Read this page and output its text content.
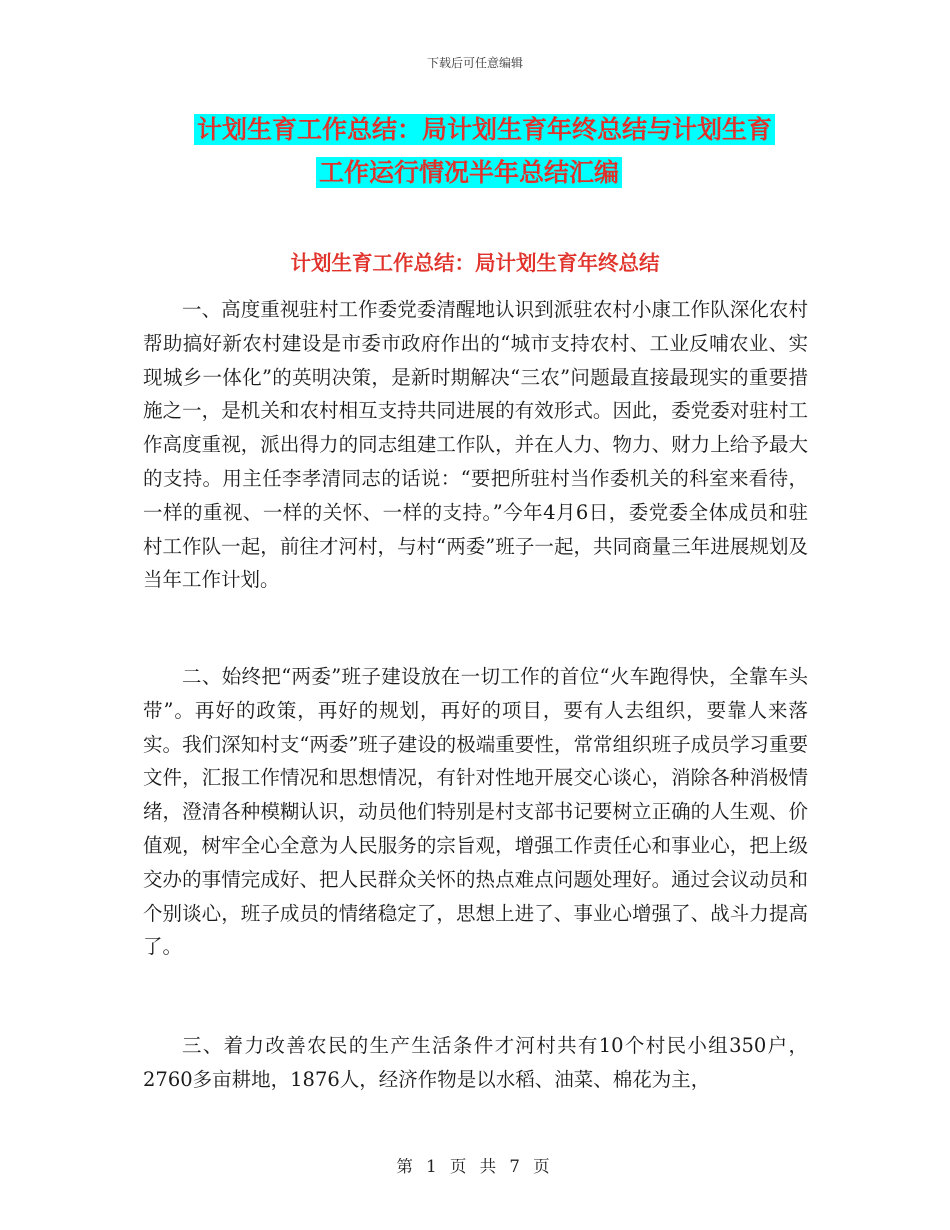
下载后可任意编辑
计划生育工作总结：局计划生育年终总结与计划生育
工作运行情况半年总结汇编
计划生育工作总结：局计划生育年终总结

一、高度重视驻村工作委党委清醒地认识到派驻农村小康工作队深化农村帮助搞好新农村建设是市委市政府作出的“城市支持农村、工业反哺农业、实现城乡一体化”的英明决策，是新时期解决“三农”问题最直接最现实的重要措施之一，是机关和农村相互支持共同进展的有效形式。因此，委党委对驻村工作高度重视，派出得力的同志组建工作队，并在人力、物力、财力上给予最大的支持。用主任李孝清同志的话说：“要把所驻村当作委机关的科室来看待，一样的重视、一样的关怀、一样的支持。”今年4月6日，委党委全体成员和驻村工作队一起，前往才河村，与村“两委”班子一起，共同商量三年进展规划及当年工作计划。

二、始终把“两委”班子建设放在一切工作的首位“火车跑得快，全靠车头带”。再好的政策，再好的规划，再好的项目，要有人去组织，要靠人来落实。我们深知村支“两委”班子建设的极端重要性，常常组织班子成员学习重要文件，汇报工作情况和思想情况，有针对性地开展交心谈心，消除各种消极情绪，澄清各种模糊认识，动员他们特别是村支部书记要树立正确的人生观、价值观，树牢全心全意为人民服务的宗旨观，增强工作责任心和事业心，把上级交办的事情完成好、把人民群众关怀的热点难点问题处理好。通过会议动员和个别谈心，班子成员的情绪稳定了，思想上进了、事业心增强了、战斗力提高了。

三、着力改善农民的生产生活条件才河村共有10个村民小组350户，2760多亩耕地，1876人，经济作物是以水稻、油菜、棉花为主，

第 1 页 共 7 页
